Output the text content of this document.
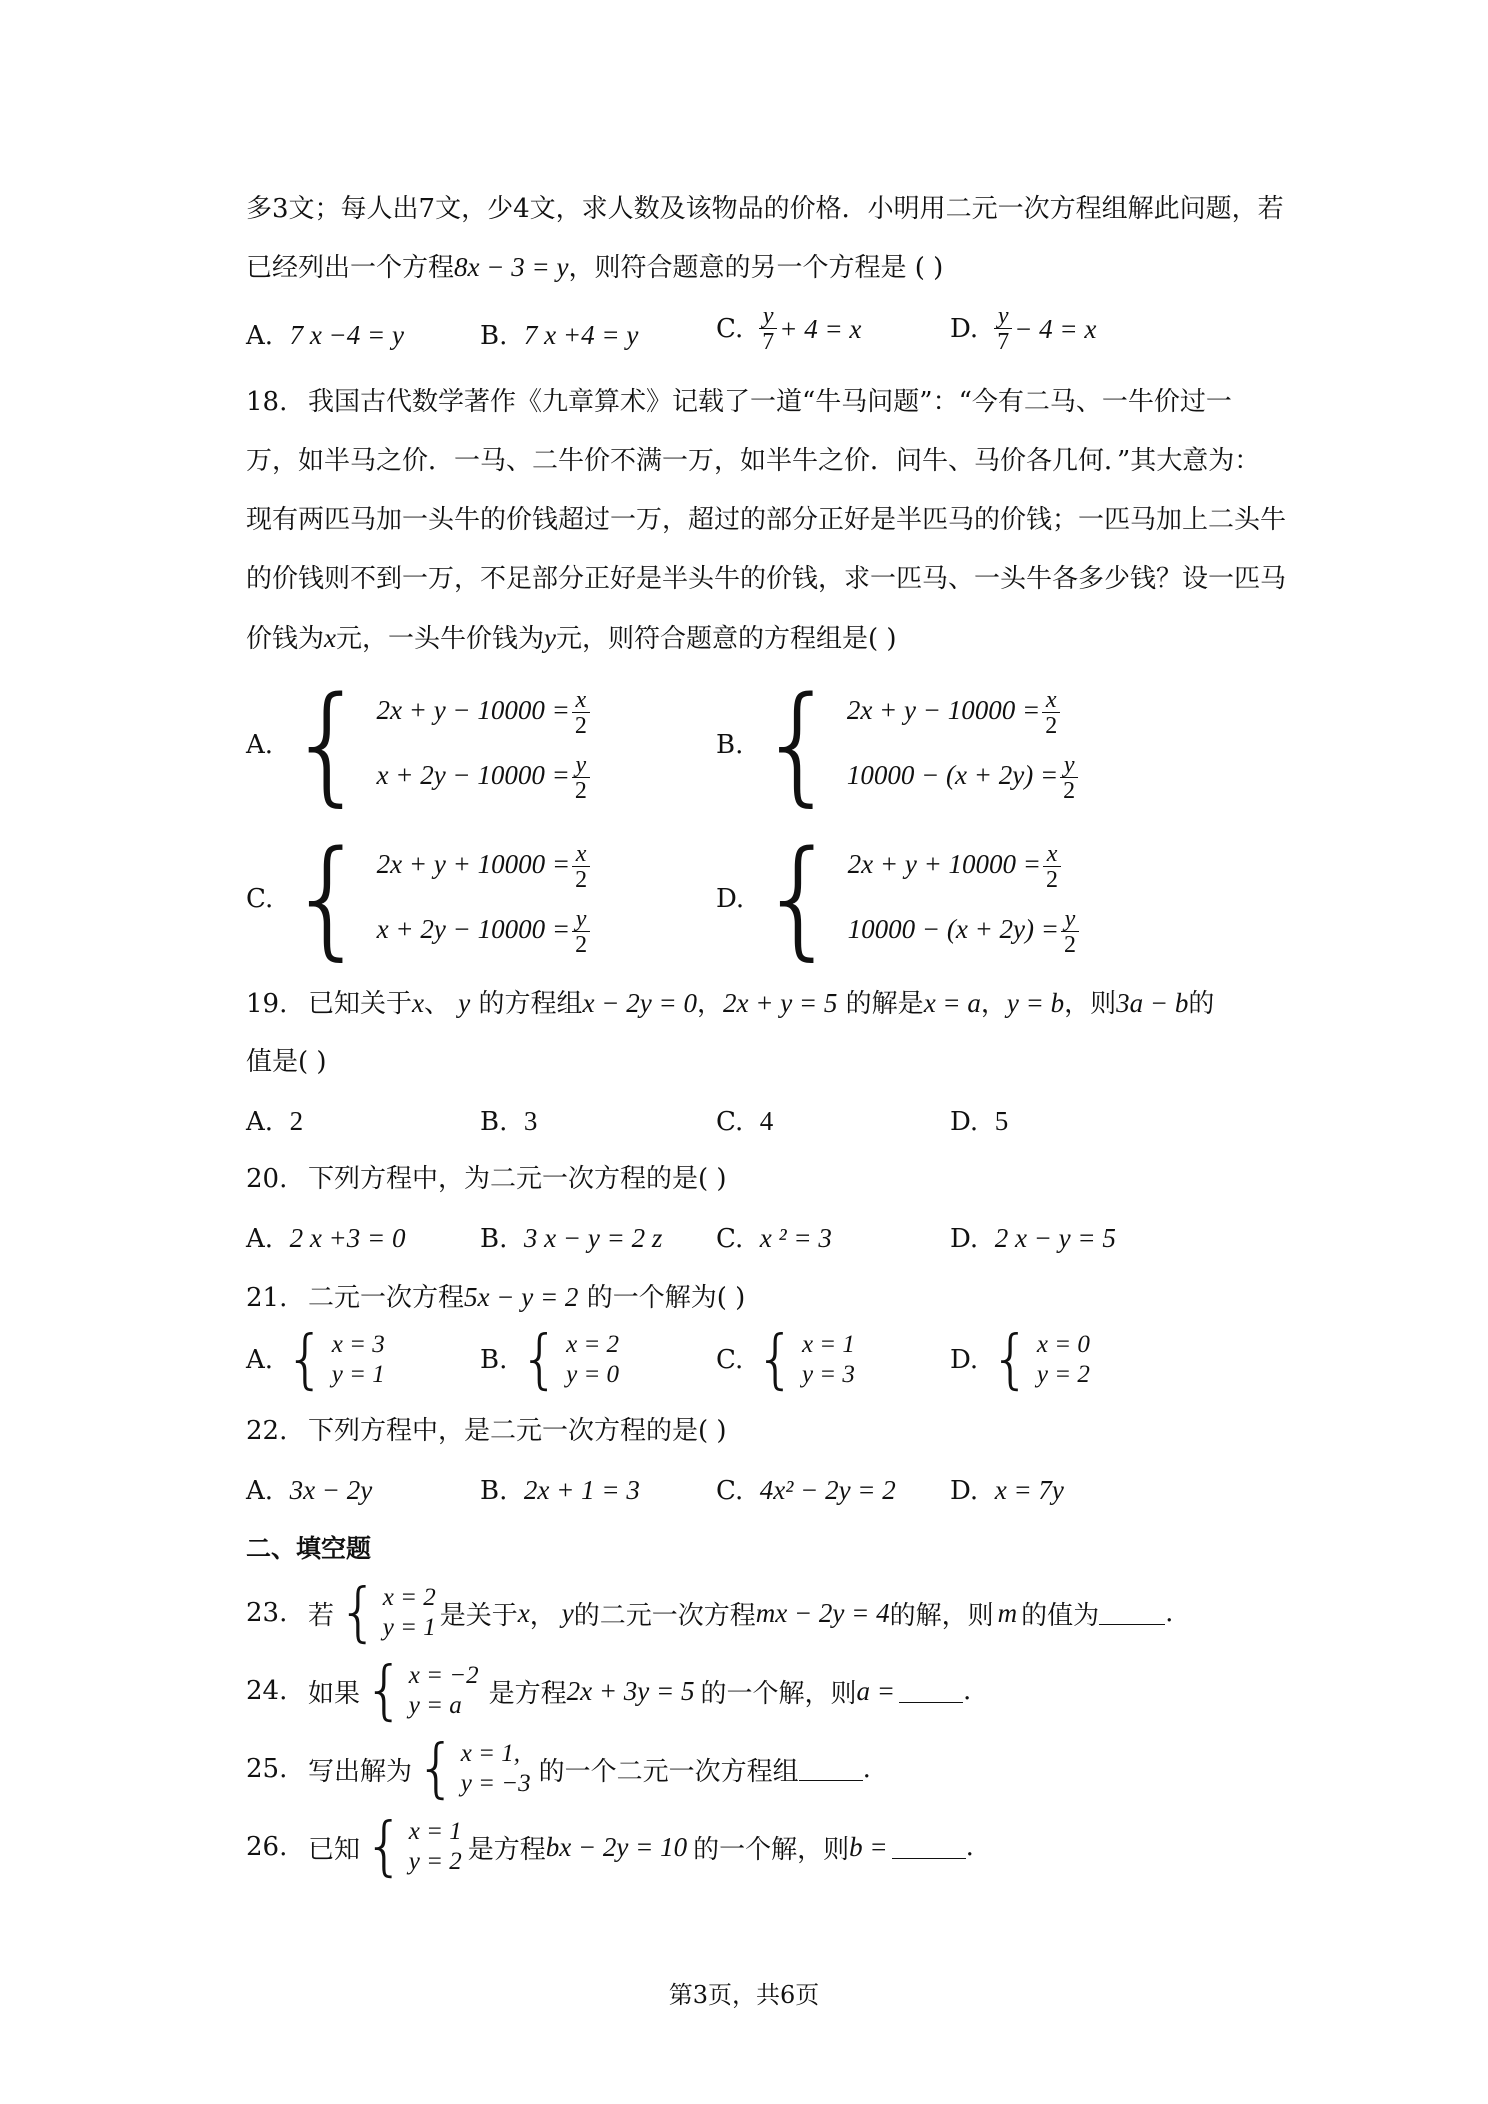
多3文；每人出7文，少4文，求人数及该物品的价格．小明用二元一次方程组解此问题，若
已经列出一个方程8x − 3 = y，则符合题意的另一个方程是 ( )
A. 7 x −4 = y	B. 7 x +4 = y	C. $\frac{y}{7} + 4 = x$	D. $\frac{y}{7} - 4 = x$
18. 我国古代数学著作《九章算术》记载了一道“牛马问题”：“今有二马、一牛价过一
万，如半马之价．一马、二牛价不满一万，如半牛之价．问牛、马价各几何．”其大意为：
现有两匹马加一头牛的价钱超过一万，超过的部分正好是半匹马的价钱；一匹马加上二头牛
的价钱则不到一万，不足部分正好是半头牛的价钱，求一匹马、一头牛各多少钱？设一匹马
价钱为x元，一头牛价钱为y元，则符合题意的方程组是( )
A. { $2x + y - 10000 = \frac{x}{2}$
$x + 2y - 10000 = \frac{y}{2}$
B. { $2x + y - 10000 = \frac{x}{2}$
$10000 - (x + 2y) = \frac{y}{2}$
C. { $2x + y + 10000 = \frac{x}{2}$
$x + 2y - 10000 = \frac{y}{2}$
D. { $2x + y + 10000 = \frac{x}{2}$
$10000 - (x + 2y) = \frac{y}{2}$
19. 已知关于x、 y 的方程组x − 2y = 0，2x + y = 5 的解是x = a，y = b，则3a − b的
值是( )
A. 2	B. 3	C. 4	D. 5
20. 下列方程中，为二元一次方程的是( )
A. 2 x +3 = 0	B. 3 x − y = 2 z C. x ² = 3	D. 2 x − y = 5
21. 二元一次方程5x − y = 2 的一个解为( )
A. { x = 3
y = 1	B. { x = 2
y = 0	C. { x = 1
y = 3	D. { x = 0
y = 2
22. 下列方程中，是二元一次方程的是( )
A. 3x − 2y	B. 2x + 1 = 3	C. 4x² − 2y = 2 D. x = 7y
二、填空题
23. 若 { x = 2
y = 1 是关于 x ， y 的二元一次方程 mx − 2y = 4 的解，则 m 的值为	.
24. 如果 { x = −2
y = a	是方程 2x + 3y = 5 的一个解，则 a =	.
25. 写出解为 { x = 1,
y = −3 的一个二元一次方程组 .
26. 已知 { x = 1
y = 2 是方程 bx − 2y = 10 的一个解，则 b =	.
第3页，共6页
